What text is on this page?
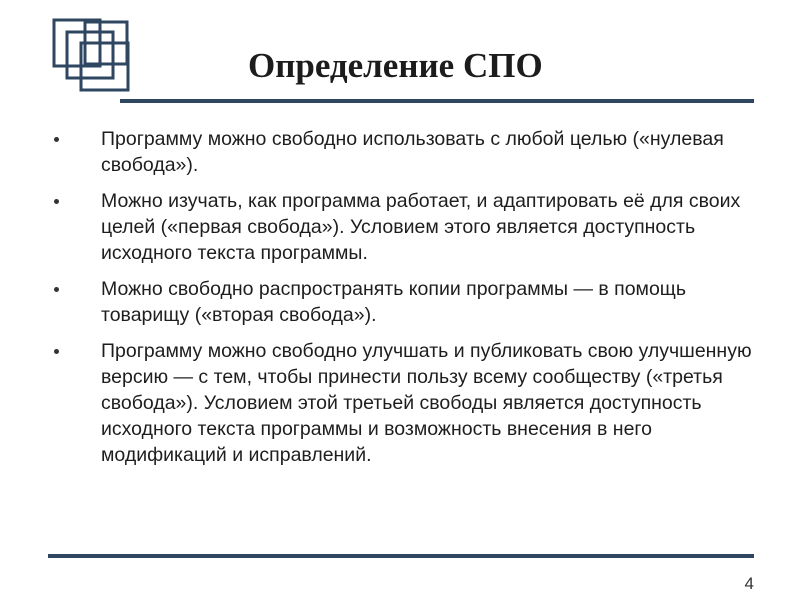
Определение СПО
Программу можно свободно использовать с любой целью («нулевая свобода»).
Можно изучать, как программа работает, и адаптировать её для своих целей («первая свобода»). Условием этого является доступность исходного текста программы.
Можно свободно распространять копии программы — в помощь товарищу («вторая свобода»).
Программу можно свободно улучшать и публиковать свою улучшенную версию — с тем, чтобы принести пользу всему сообществу («третья свобода»). Условием этой третьей свободы является доступность исходного текста программы и возможность внесения в него модификаций и исправлений.
4
